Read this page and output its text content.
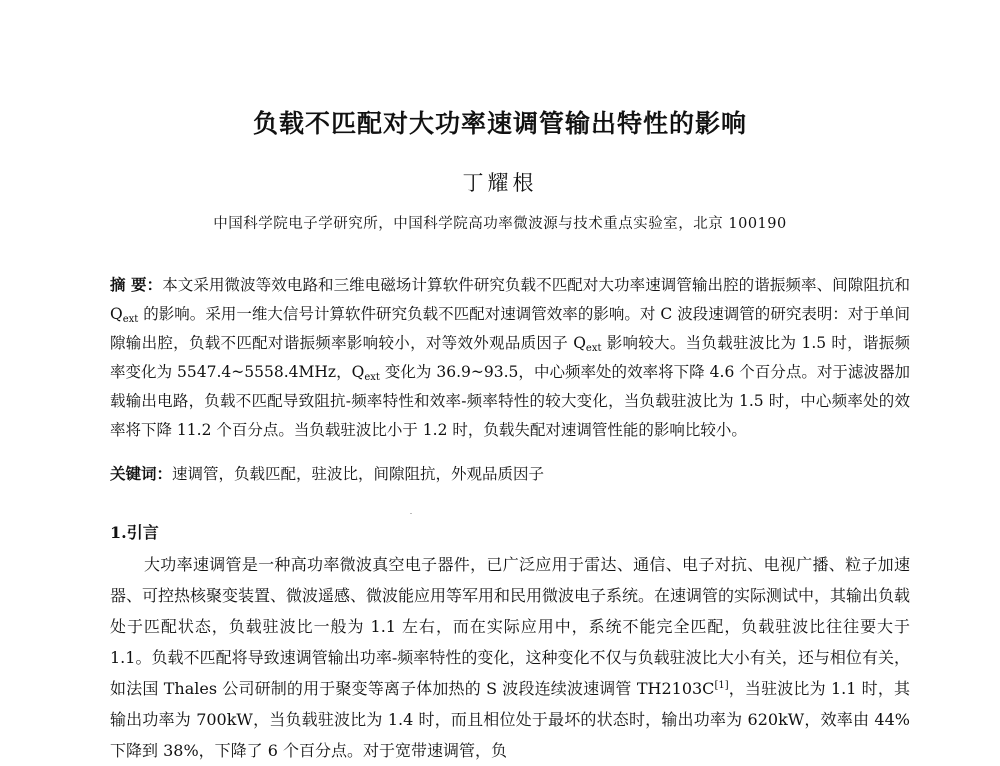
负载不匹配对大功率速调管输出特性的影响
丁耀根
中国科学院电子学研究所，中国科学院高功率微波源与技术重点实验室，北京 100190

摘 要：本文采用微波等效电路和三维电磁场计算软件研究负载不匹配对大功率速调管输出腔的谐振频率、间隙阻抗和 $Q_{ext}$ 的影响。采用一维大信号计算软件研究负载不匹配对速调管效率的影响。对 C 波段速调管的研究表明：对于单间隙输出腔，负载不匹配对谐振频率影响较小，对等效外观品质因子 $Q_{ext}$ 影响较大。当负载驻波比为 1.5 时，谐振频率变化为 5547.4~5558.4MHz，$Q_{ext}$ 变化为 36.9~93.5，中心频率处的效率将下降 4.6 个百分点。对于滤波器加载输出电路，负载不匹配导致阻抗-频率特性和效率-频率特性的较大变化，当负载驻波比为 1.5 时，中心频率处的效率将下降 11.2 个百分点。当负载驻波比小于 1.2 时，负载失配对速调管性能的影响比较小。

关键词：速调管，负载匹配，驻波比，间隙阻抗，外观品质因子

1.引言

大功率速调管是一种高功率微波真空电子器件，已广泛应用于雷达、通信、电子对抗、电视广播、粒子加速器、可控热核聚变装置、微波遥感、微波能应用等军用和民用微波电子系统。在速调管的实际测试中，其输出负载处于匹配状态，负载驻波比一般为 1.1 左右，而在实际应用中，系统不能完全匹配，负载驻波比往往要大于 1.1。负载不匹配将导致速调管输出功率-频率特性的变化，这种变化不仅与负载驻波比大小有关，还与相位有关，如法国 Thales 公司研制的用于聚变等离子体加热的 S 波段连续波速调管 TH2103C[1]，当驻波比为 1.1 时，其输出功率为 700kW，当负载驻波比为 1.4 时，而且相位处于最坏的状态时，输出功率为 620kW，效率由 44% 下降到 38%，下降了 6 个百分点。对于宽带速调管，负
